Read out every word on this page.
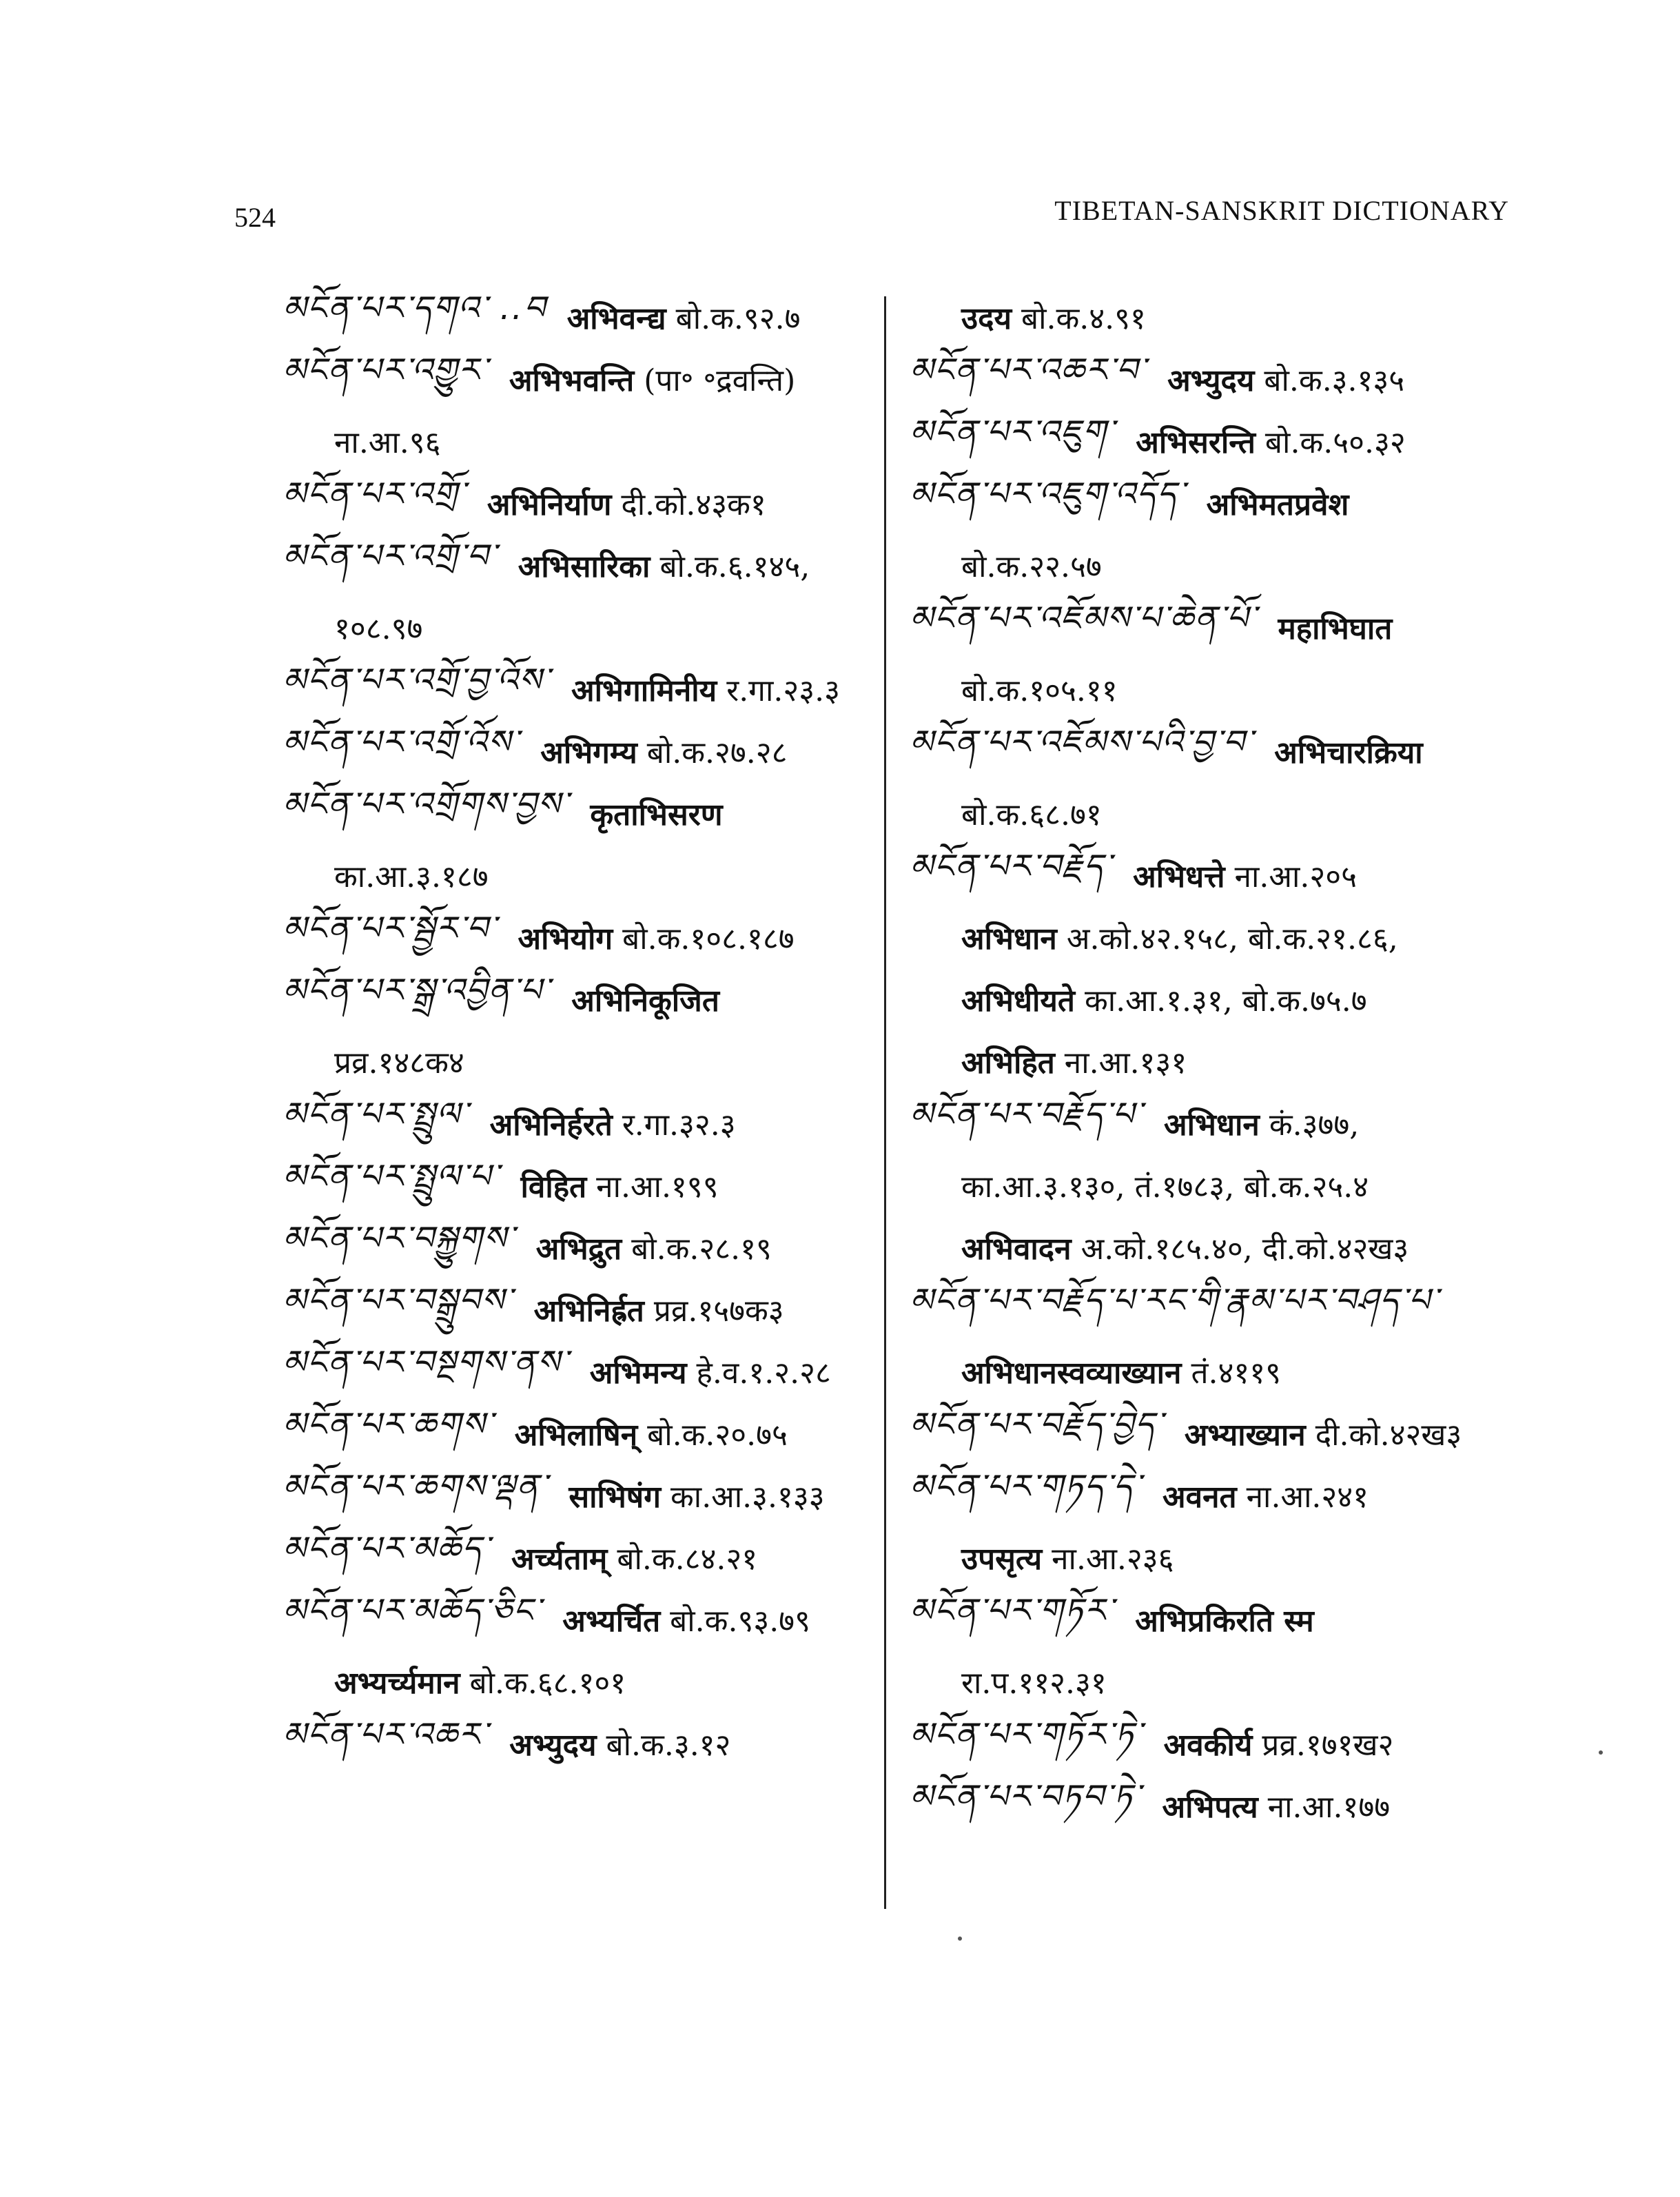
524	TIBETAN-SANSKRIT DICTIONARY
མངོན་པར་དགའ་ ..བ अभिवन्द्य बो.क.९२.७
མངོན་པར་འགྱུར་ अभिभवन्ति (पा॰ ॰द्रवन्ति)
ना.आ.९६
མངོན་པར་འགྲོ་ अभिनिर्याण दी.को.४३क१
མངོན་པར་འགྲོ་བ་ अभिसारिका बो.क.६.१४५,
१०८.९७
མངོན་པར་འགྲོ་བྱ་འོས་ अभिगामिनीय र.गा.२३.३
མངོན་པར་འགྲོ་འོས་ अभिगम्य बो.क.२७.२८
མངོན་པར་འགྲོགས་བྱས་ कृताभिसरण
का.आ.३.१८७
མངོན་པར་སྦྱོར་བ་ अभियोग बो.क.१०८.१८७
མངོན་པར་སྒྲ་འབྱིན་པ་ अभिनिकूजित
प्रव्र.१४८क४
མངོན་པར་སྤྲུལ་ अभिनिर्हरते र.गा.३२.३
མངོན་པར་སྤྲུལ་པ་ विहित ना.आ.१९९
མངོན་པར་བསྐྱུགས་ अभिद्रुत बो.क.२८.१९
མངོན་པར་བསྒྲུབས་ अभिनिर्ह्रत प्रव्र.१५७क३
མངོན་པར་བསྔགས་ནས་ अभिमन्य हे.व.१.२.२८
མངོན་པར་ཆགས་ अभिलाषिन् बो.क.२०.७५
མངོན་པར་ཆགས་ལྡན་ साभिषंग का.आ.३.१३३
མངོན་པར་མཆོད་ अर्च्यताम् बो.क.८४.२१
མངོན་པར་མཆོད་ཅིང་ अभ्यर्चित बो.क.९३.७९
अभ्यर्च्यमान बो.क.६८.१०१
མངོན་པར་འཆར་ अभ्युदय बो.क.३.१२
उदय बो.क.४.९१
མངོན་པར་འཆར་བ་ अभ्युदय बो.क.३.१३५
མངོན་པར་འཇུག་ अभिसरन्ति बो.क.५०.३२
མངོན་པར་འཇུག་འདོད་ अभिमतप्रवेश
बो.क.२२.५७
མངོན་པར་འཇོམས་པ་ཆེན་པོ་ महाभिघात
बो.क.१०५.११
མངོན་པར་འཇོམས་པའི་བྱ་བ་ अभिचारक्रिया
बो.क.६८.७१
མངོན་པར་བརྗོད་ अभिधत्ते ना.आ.२०५
अभिधान अ.को.४२.१५८, बो.क.२१.८६,
अभिधीयते का.आ.१.३१, बो.क.७५.७
अभिहित ना.आ.१३१
མངོན་པར་བརྗོད་པ་ अभिधान कं.३७७,
का.आ.३.१३०, तं.१७८३, बो.क.२५.४
अभिवादन अ.को.१८५.४०, दी.को.४२ख३
མངོན་པར་བརྗོད་པ་རང་གི་རྣམ་པར་བཤད་པ་
अभिधानस्वव्याख्यान तं.४११९
མངོན་པར་བརྗོད་བྱེད་ अभ्याख्यान दी.को.४२ख३
མངོན་པར་གཏད་དེ་ अवनत ना.आ.२४१
उपसृत्य ना.आ.२३६
མངོན་པར་གཏོར་ अभिप्रकिरति स्म
रा.प.११२.३१
མངོན་པར་གཏོར་ཏེ་ अवकीर्य प्रव्र.१७१ख२
མངོན་པར་བཏབ་ཏེ་ अभिपत्य ना.आ.१७७
